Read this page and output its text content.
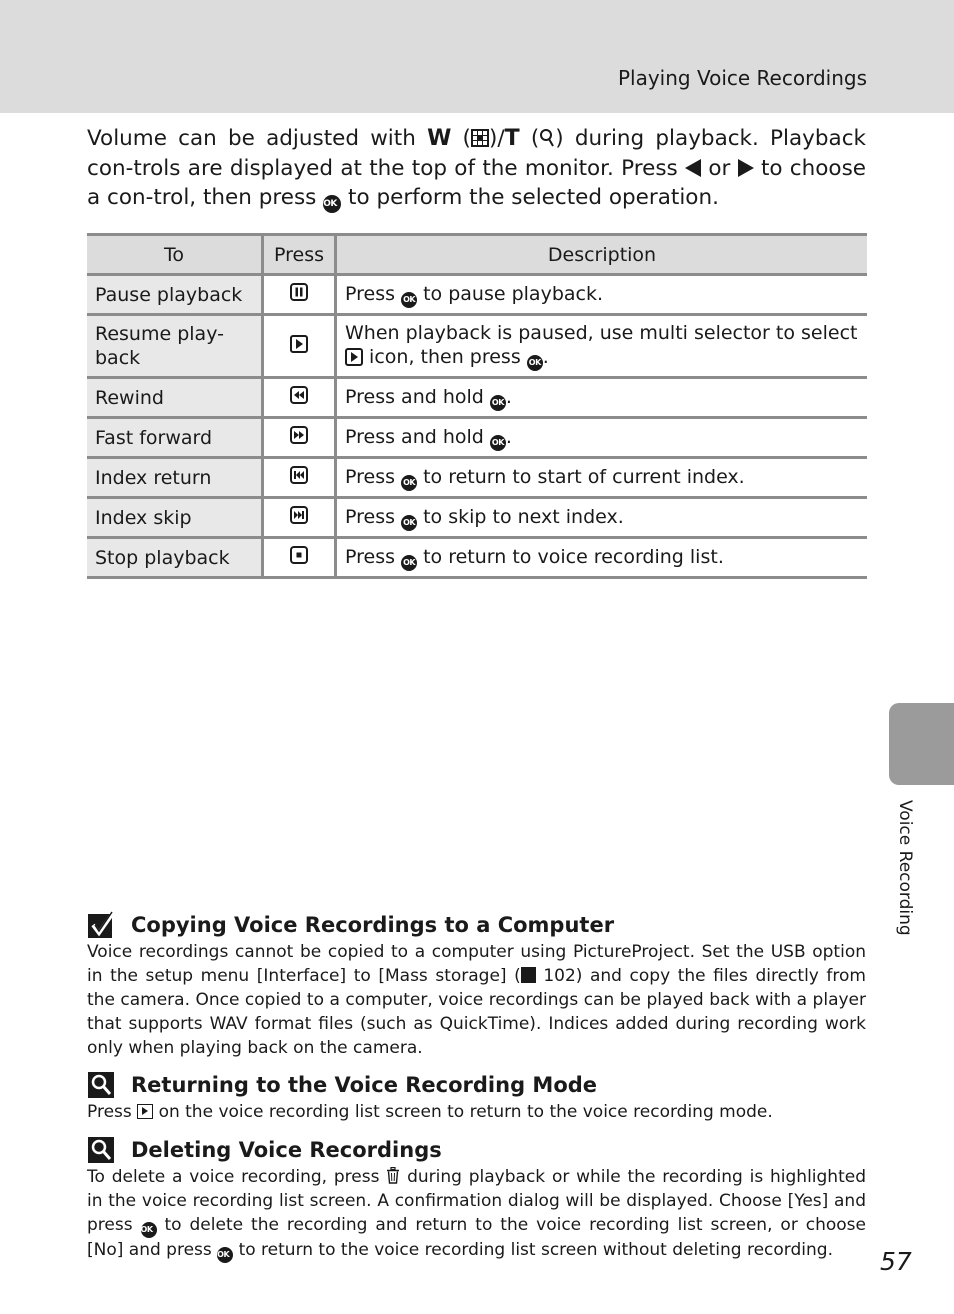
Playing Voice Recordings
Volume can be adjusted with W ( )/T ( ) during playback. Playback con-trols are displayed at the top of the monitor. Press or to choose a con-trol, then press OK to perform the selected operation.
To	Press	Description
Pause playback		Press OK to pause playback.
Resume play-back		When playback is paused, use multi selector to select  icon, then press OK .
Rewind		Press and hold OK .
Fast forward		Press and hold OK .
Index return		Press OK to return to start of current index.
Index skip		Press OK to skip to next index.
Stop playback		Press OK to return to voice recording list.
Voice Recording
Copying Voice Recordings to a Computer

Voice recordings cannot be copied to a computer using PictureProject. Set the USB option in the setup menu [Interface] to [Mass storage] ( 102) and copy the files directly from the camera. Once copied to a computer, voice recordings can be played back with a player that supports WAV format files (such as QuickTime). Indices added during recording work only when playing back on the camera.

Returning to the Voice Recording Mode

Press on the voice recording list screen to return to the voice recording mode.

Deleting Voice Recordings

To delete a voice recording, press during playback or while the recording is highlighted in the voice recording list screen. A confirmation dialog will be displayed. Choose [Yes] and press OK to delete the recording and return to the voice recording list screen, or choose [No] and press OK to return to the voice recording list screen without deleting recording.	57
